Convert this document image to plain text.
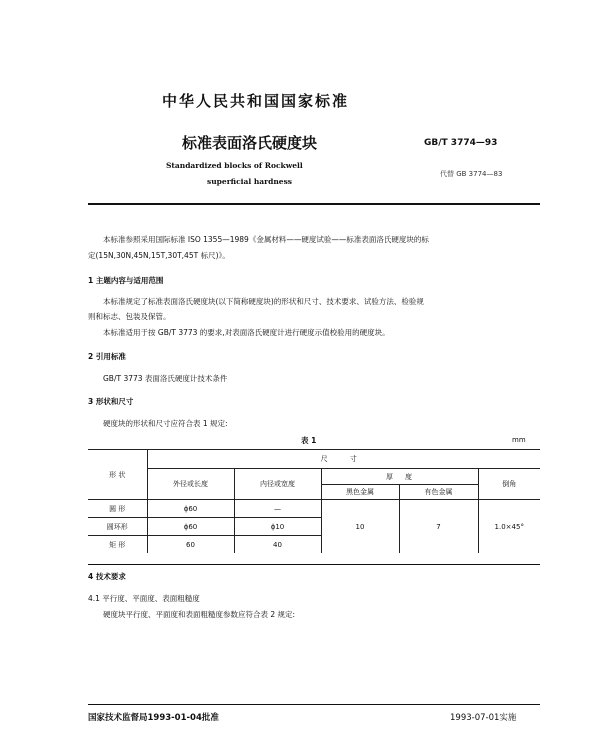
中华人民共和国国家标准
标准表面洛氏硬度块	GB/T 3774—93
Standardized blocks of Rockwell
superficial hardness
代替 GB 3774—83
本标准参照采用国际标准 ISO 1355—1989《金属材料——硬度试验——标准表面洛氏硬度块的标
定(15N,30N,45N,15T,30T,45T 标尺)》。
1 主题内容与适用范围
本标准规定了标准表面洛氏硬度块(以下简称硬度块)的形状和尺寸、技术要求、试验方法、检验规
则和标志、包装及保管。
本标准适用于按 GB/T 3773 的要求,对表面洛氏硬度计进行硬度示值校验用的硬度块。
2 引用标准
GB/T 3773 表面洛氏硬度计技术条件
3 形状和尺寸
硬度块的形状和尺寸应符合表 1 规定:
表 1	mm
形 状	尺 寸				
	外径或长度	内径或宽度	厚	度	倒角
			黑色金属	有色金属	
圆 形	ϕ60	—	10	7	1.0×45°
圆环形	ϕ60	ϕ10			
矩 形	60	40			
4 技术要求
4.1 平行度、平面度、表面粗糙度
硬度块平行度、平面度和表面粗糙度参数应符合表 2 规定:
国家技术监督局1993-01-04批准	1993-07-01实施
